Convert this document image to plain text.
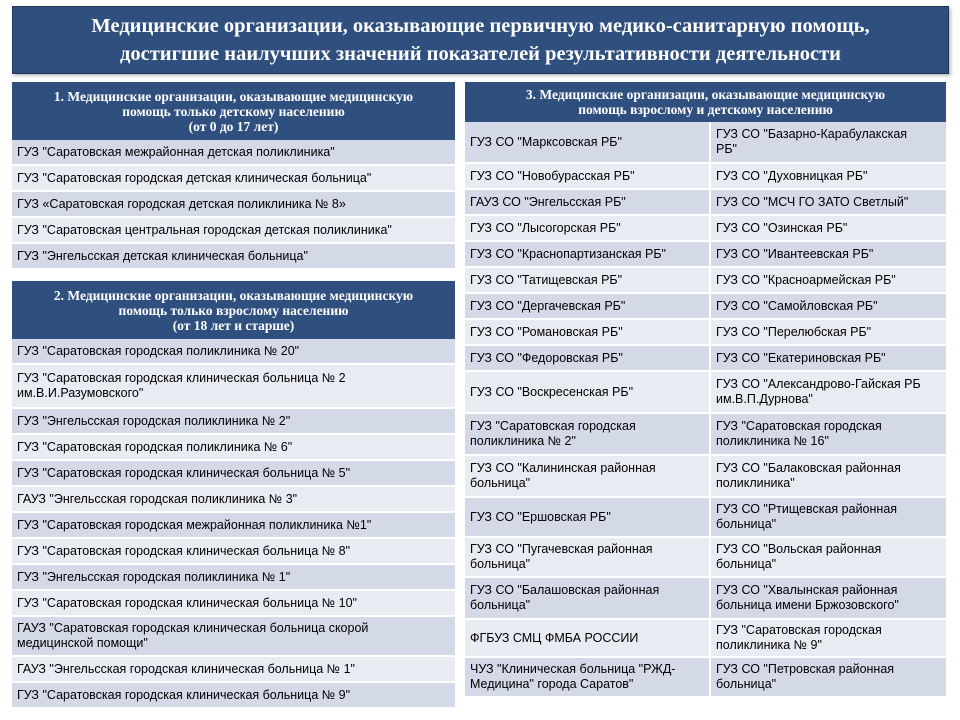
Медицинские организации, оказывающие первичную медико-санитарную помощь,
достигшие наилучших значений показателей результативности деятельности
1. Медицинские организации, оказывающие медицинскую
помощь только детскому населению
(от 0 до 17 лет)
ГУЗ "Саратовская межрайонная детская поликлиника"
ГУЗ "Саратовская городская детская клиническая больница"
ГУЗ «Саратовская городская детская поликлиника № 8»
ГУЗ "Саратовская центральная городская детская поликлиника"
ГУЗ "Энгельсская детская клиническая больница"
2. Медицинские организации, оказывающие медицинскую
помощь только взрослому населению
(от 18 лет и старше)
ГУЗ "Саратовская городская поликлиника № 20"
ГУЗ "Саратовская городская клиническая больница № 2
им.В.И.Разумовского"
ГУЗ "Энгельсская городская поликлиника № 2"
ГУЗ "Саратовская городская поликлиника № 6"
ГУЗ "Саратовская городская клиническая больница № 5"
ГАУЗ "Энгельсская городская поликлиника № 3"
ГУЗ "Саратовская городская межрайонная поликлиника №1"
ГУЗ "Саратовская городская клиническая больница № 8"
ГУЗ "Энгельсская городская поликлиника № 1"
ГУЗ "Саратовская городская клиническая больница № 10"
ГАУЗ "Саратовская городская клиническая больница скорой
медицинской помощи"
ГАУЗ "Энгельсская городская клиническая больница № 1"
ГУЗ "Саратовская городская клиническая больница № 9"
3. Медицинские организации, оказывающие медицинскую
помощь взрослому и детскому населению
ГУЗ СО "Марксовская РБ"	ГУЗ СО "Базарно-Карабулакская
РБ"
ГУЗ СО "Новобурасская РБ"	ГУЗ СО "Духовницкая РБ"
ГАУЗ СО "Энгельсская РБ"	ГУЗ СО "МСЧ ГО ЗАТО Светлый"
ГУЗ СО "Лысогорская РБ"	ГУЗ СО "Озинская РБ"
ГУЗ СО "Краснопартизанская РБ"	ГУЗ СО "Ивантеевская РБ"
ГУЗ СО "Татищевская РБ"	ГУЗ СО "Красноармейская РБ"
ГУЗ СО "Дергачевская РБ"	ГУЗ СО "Самойловская РБ"
ГУЗ СО "Романовская РБ"	ГУЗ СО "Перелюбская РБ"
ГУЗ СО "Федоровская РБ"	ГУЗ СО "Екатериновская РБ"
ГУЗ СО "Воскресенская РБ"	ГУЗ СО "Александрово-Гайская РБ
им.В.П.Дурнова"
ГУЗ "Саратовская городская
поликлиника № 2"	ГУЗ "Саратовская городская
поликлиника № 16"
ГУЗ СО "Калининская районная
больница"	ГУЗ СО "Балаковская районная
поликлиника"
ГУЗ СО "Ершовская РБ"	ГУЗ СО "Ртищевская районная
больница"
ГУЗ СО "Пугачевская районная
больница"	ГУЗ СО "Вольская районная
больница"
ГУЗ СО "Балашовская районная
больница"	ГУЗ СО "Хвалынская районная
больница имени Бржозовского"
ФГБУЗ СМЦ ФМБА РОССИИ	ГУЗ "Саратовская городская
поликлиника № 9"
ЧУЗ "Клиническая больница "РЖД-
Медицина" города Саратов"	ГУЗ СО "Петровская районная
больница"
